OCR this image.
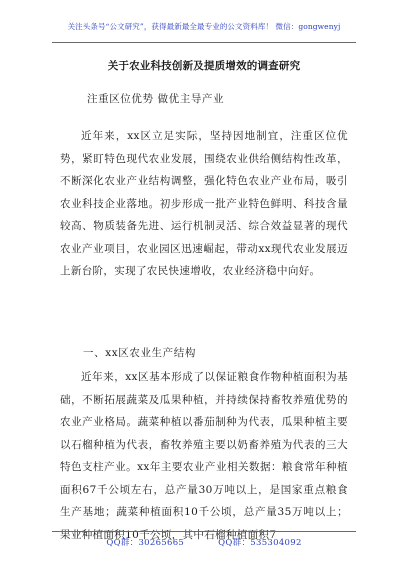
关注头条号“公文研究”，获得最新最全最专业的公文资料库！ 微信：gongwenyj
关于农业科技创新及提质增效的调查研究
注重区位优势 做优主导产业

近年来，xx区立足实际，坚持因地制宜，注重区位优势，紧盯特色现代农业发展，围绕农业供给侧结构性改革，不断深化农业产业结构调整，强化特色农业产业布局，吸引农业科技企业落地。初步形成一批产业特色鲜明、科技含量较高、物质装备先进、运行机制灵活、综合效益显著的现代农业产业项目，农业园区迅速崛起，带动xx现代农业发展迈上新台阶，实现了农民快速增收，农业经济稳中向好。

一、xx区农业生产结构

近年来，xx区基本形成了以保证粮食作物种植面积为基础，不断拓展蔬菜及瓜果种植，并持续保持畜牧养殖优势的农业产业格局。蔬菜种植以番茄制种为代表，瓜果种植主要以石榴种植为代表，畜牧养殖主要以奶畜养殖为代表的三大特色支柱产业。xx年主要农业产业相关数据：粮食常年种植面积67千公顷左右，总产量30万吨以上，是国家重点粮食生产基地；蔬菜种植面积10千公顷，总产量35万吨以上；果业种植面积10千公顷，其中石榴种植面积7

QQ群：30265665	QQ群：535304092
